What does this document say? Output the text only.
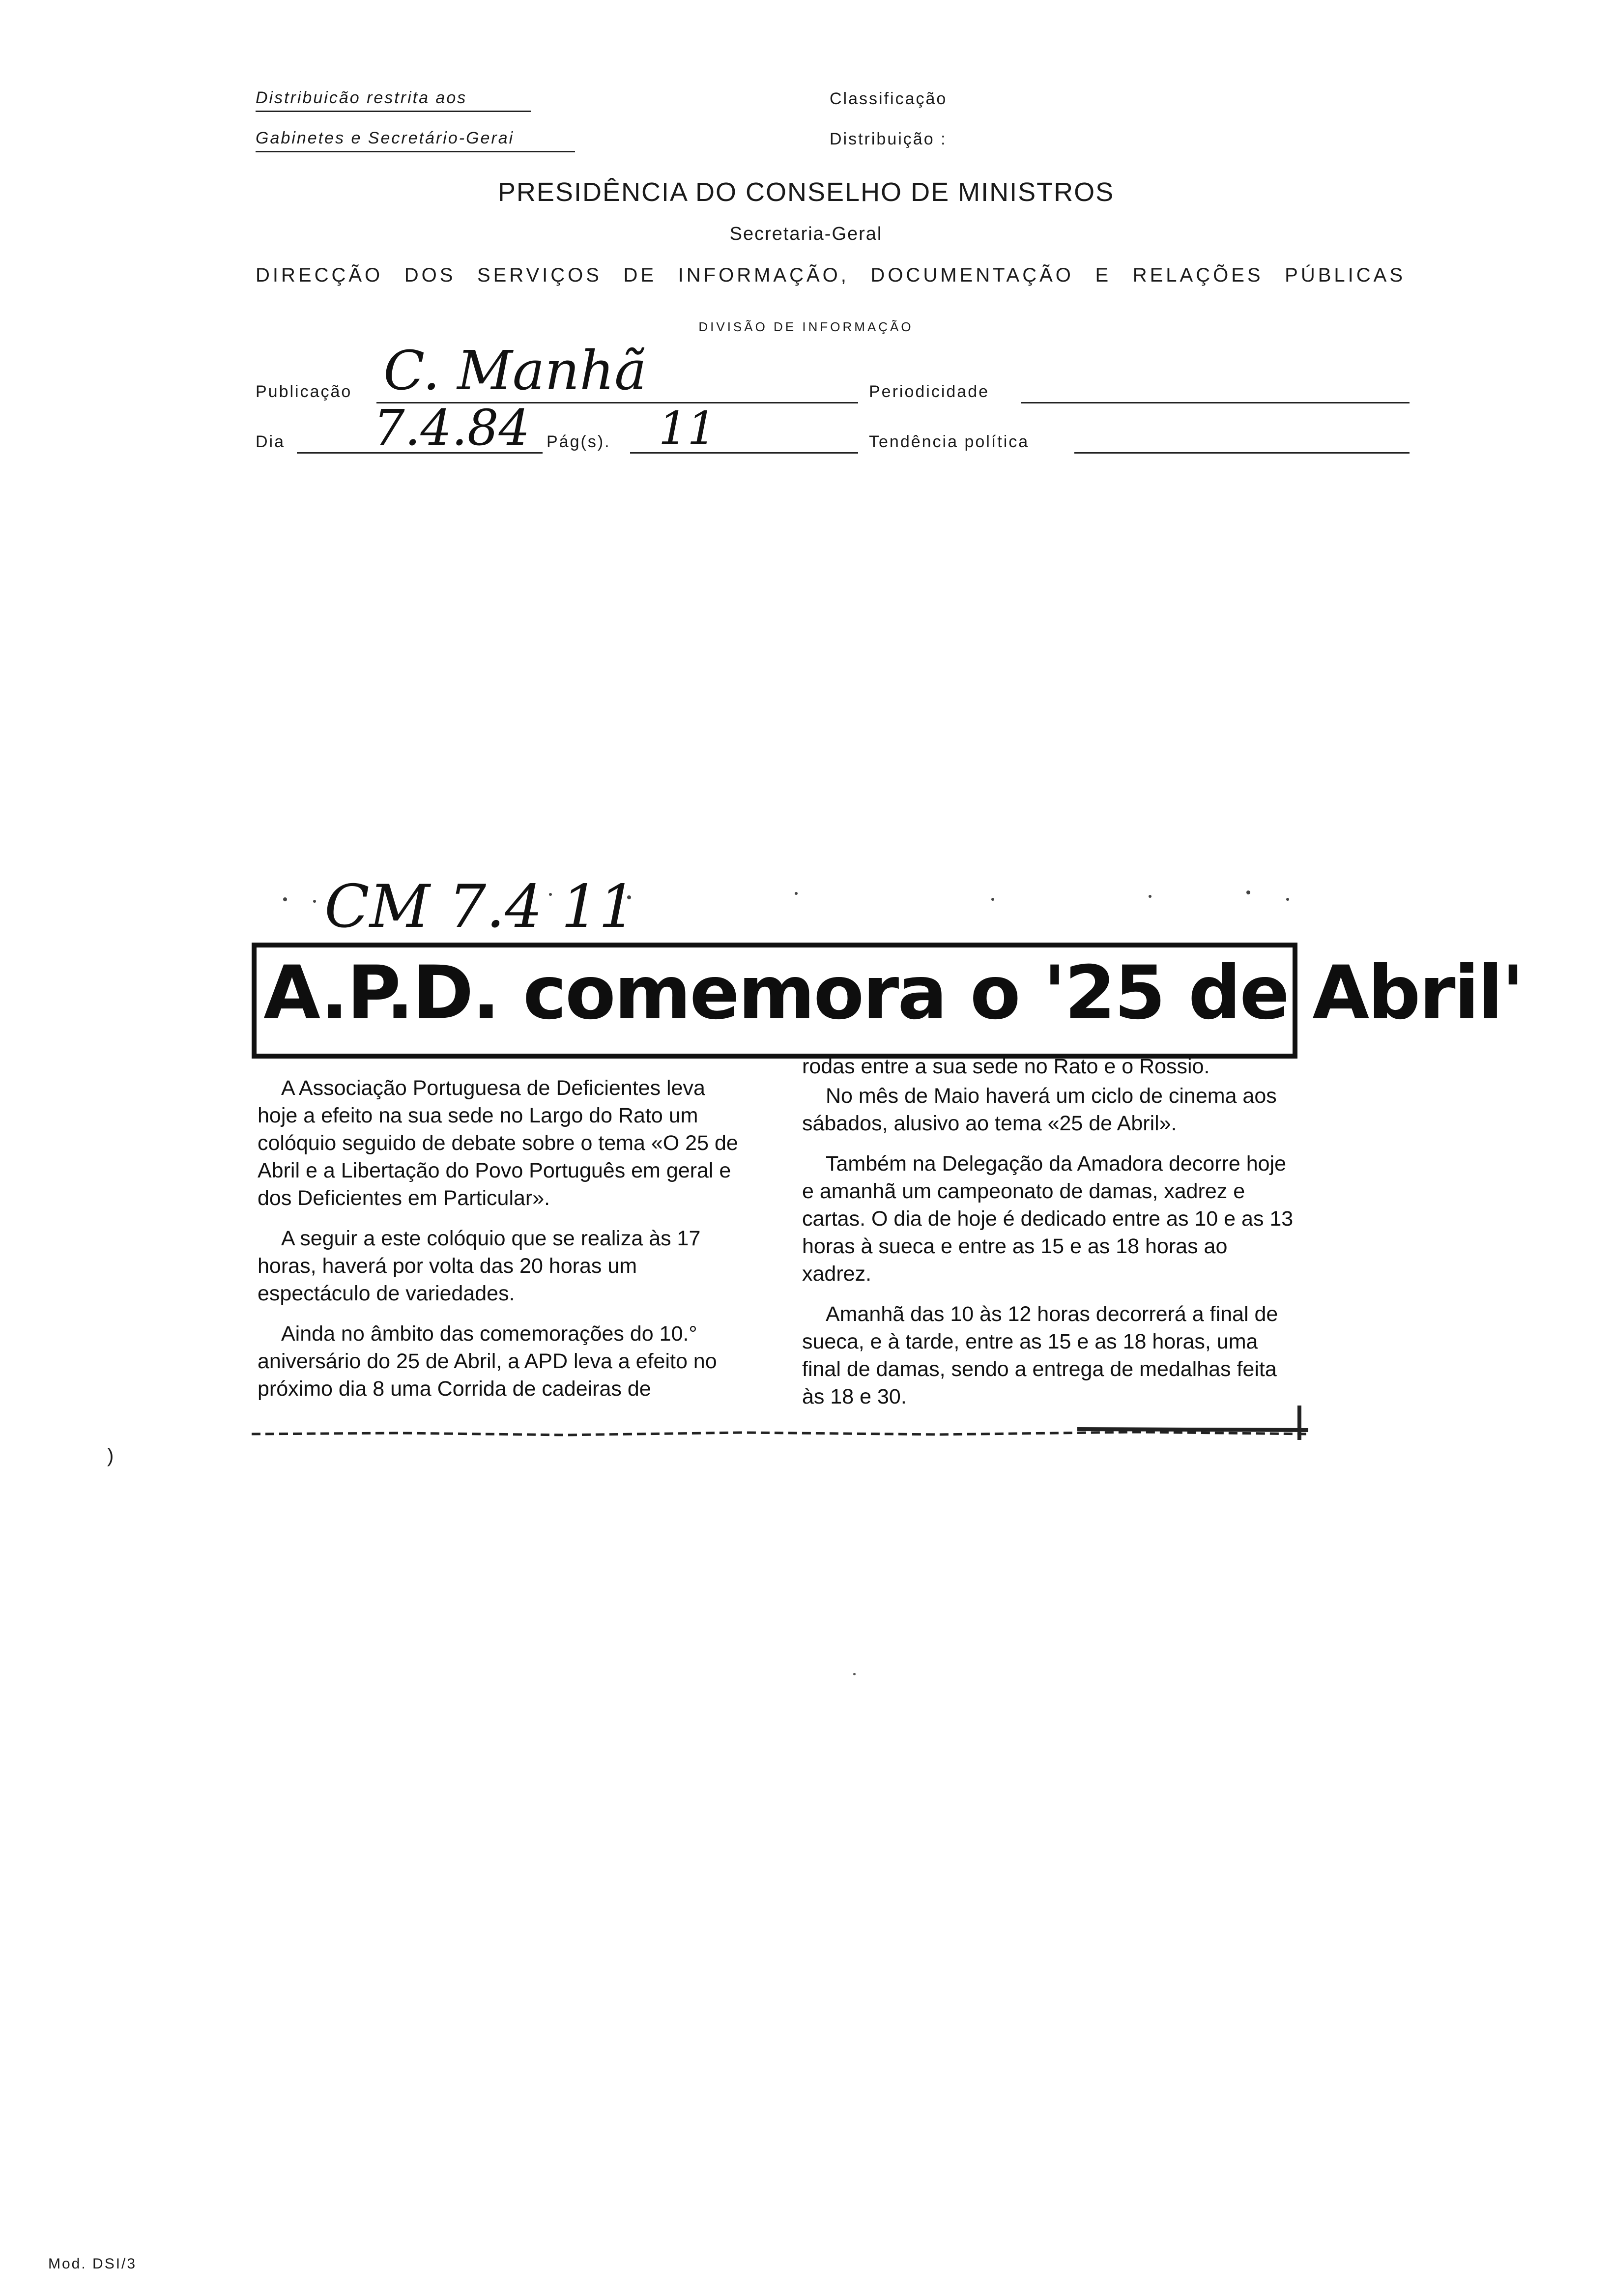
Distribuicão restrita aos
Gabinetes e Secretário-Gerai
Classificação
Distribuição :
PRESIDÊNCIA DO CONSELHO DE MINISTROS
Secretaria-Geral
DIRECÇÃO DOS SERVIÇOS DE INFORMAÇÃO, DOCUMENTAÇÃO E RELAÇÕES PÚBLICAS
DIVISÃO DE INFORMAÇÃO
Publicação C. Manhã	Periodicidade
Dia 7.4.84 Pág(s). 11	Tendência política
CM 7.4 11
A.P.D. comemora o '25 de Abril'

A Associação Portuguesa de Deficientes leva hoje a efeito na sua sede no Largo do Rato um colóquio seguido de debate sobre o tema «O 25 de Abril e a Libertação do Povo Português em geral e dos Deficientes em Particular».

A seguir a este colóquio que se realiza às 17 horas, haverá por volta das 20 horas um espectáculo de variedades.

Ainda no âmbito das comemorações do 10.° aniversário do 25 de Abril, a APD leva a efeito no próximo dia 8 uma Corrida de cadeiras de

rodas entre a sua sede no Rato e o Rossio.

No mês de Maio haverá um ciclo de cinema aos sábados, alusivo ao tema «25 de Abril».

Também na Delegação da Amadora decorre hoje e amanhã um campeonato de damas, xadrez e cartas. O dia de hoje é dedicado entre as 10 e as 13 horas à sueca e entre as 15 e as 18 horas ao xadrez.

Amanhã das 10 às 12 horas decorrerá a final de sueca, e à tarde, entre as 15 e as 18 horas, uma final de damas, sendo a entrega de medalhas feita às 18 e 30.

)
Mod. DSI/3
